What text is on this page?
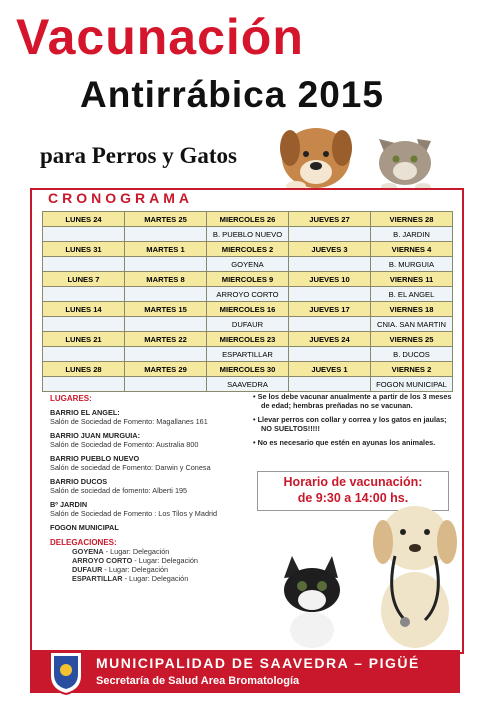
Vacunación
Antirrábica 2015
para Perros y Gatos
CRONOGRAMA
LUNES 24	MARTES 25	MIERCOLES 26	JUEVES 27	VIERNES 28
		B. PUEBLO NUEVO		B. JARDIN
LUNES 31	MARTES 1	MIERCOLES 2	JUEVES 3	VIERNES 4
		GOYENA		B. MURGUIA
LUNES 7	MARTES 8	MIERCOLES 9	JUEVES 10	VIERNES 11
		ARROYO CORTO		B. EL ANGEL
LUNES 14	MARTES 15	MIERCOLES 16	JUEVES 17	VIERNES 18
		DUFAUR		CNIA. SAN MARTIN
LUNES 21	MARTES 22	MIERCOLES 23	JUEVES 24	VIERNES 25
		ESPARTILLAR		B. DUCOS
LUNES 28	MARTES 29	MIERCOLES 30	JUEVES 1	VIERNES 2
		SAAVEDRA		FOGON MUNICIPAL
LUGARES:
BARRIO EL ANGEL:
Salón de Sociedad de Fomento: Magallanes 161
BARRIO JUAN MURGUIA:
Salón de Sociedad de Fomento: Australia 800
BARRIO PUEBLO NUEVO
Salón de sociedad de Fomento: Darwin y Conesa
BARRIO DUCOS
Salón de sociedad de fomento: Alberti 195
Bº JARDIN
Salón de Sociedad de Fomento : Los Tilos y Madrid
FOGON MUNICIPAL
DELEGACIONES:
GOYENA - Lugar: Delegación
ARROYO CORTO - Lugar: Delegación
DUFAUR - Lugar: Delegación
ESPARTILLAR - Lugar: Delegación
• Se los debe vacunar anualmente a partir de los 3 meses de edad; hembras preñadas no se vacunan.
• Llevar perros con collar y correa y los gatos en jaulas; NO SUELTOS!!!!!
• No es necesario que estén en ayunas los animales.
Horario de vacunación:
de 9:30 a 14:00 hs.
MUNICIPALIDAD DE SAAVEDRA – PIGÜÉ
Secretaría de Salud Area Bromatología
